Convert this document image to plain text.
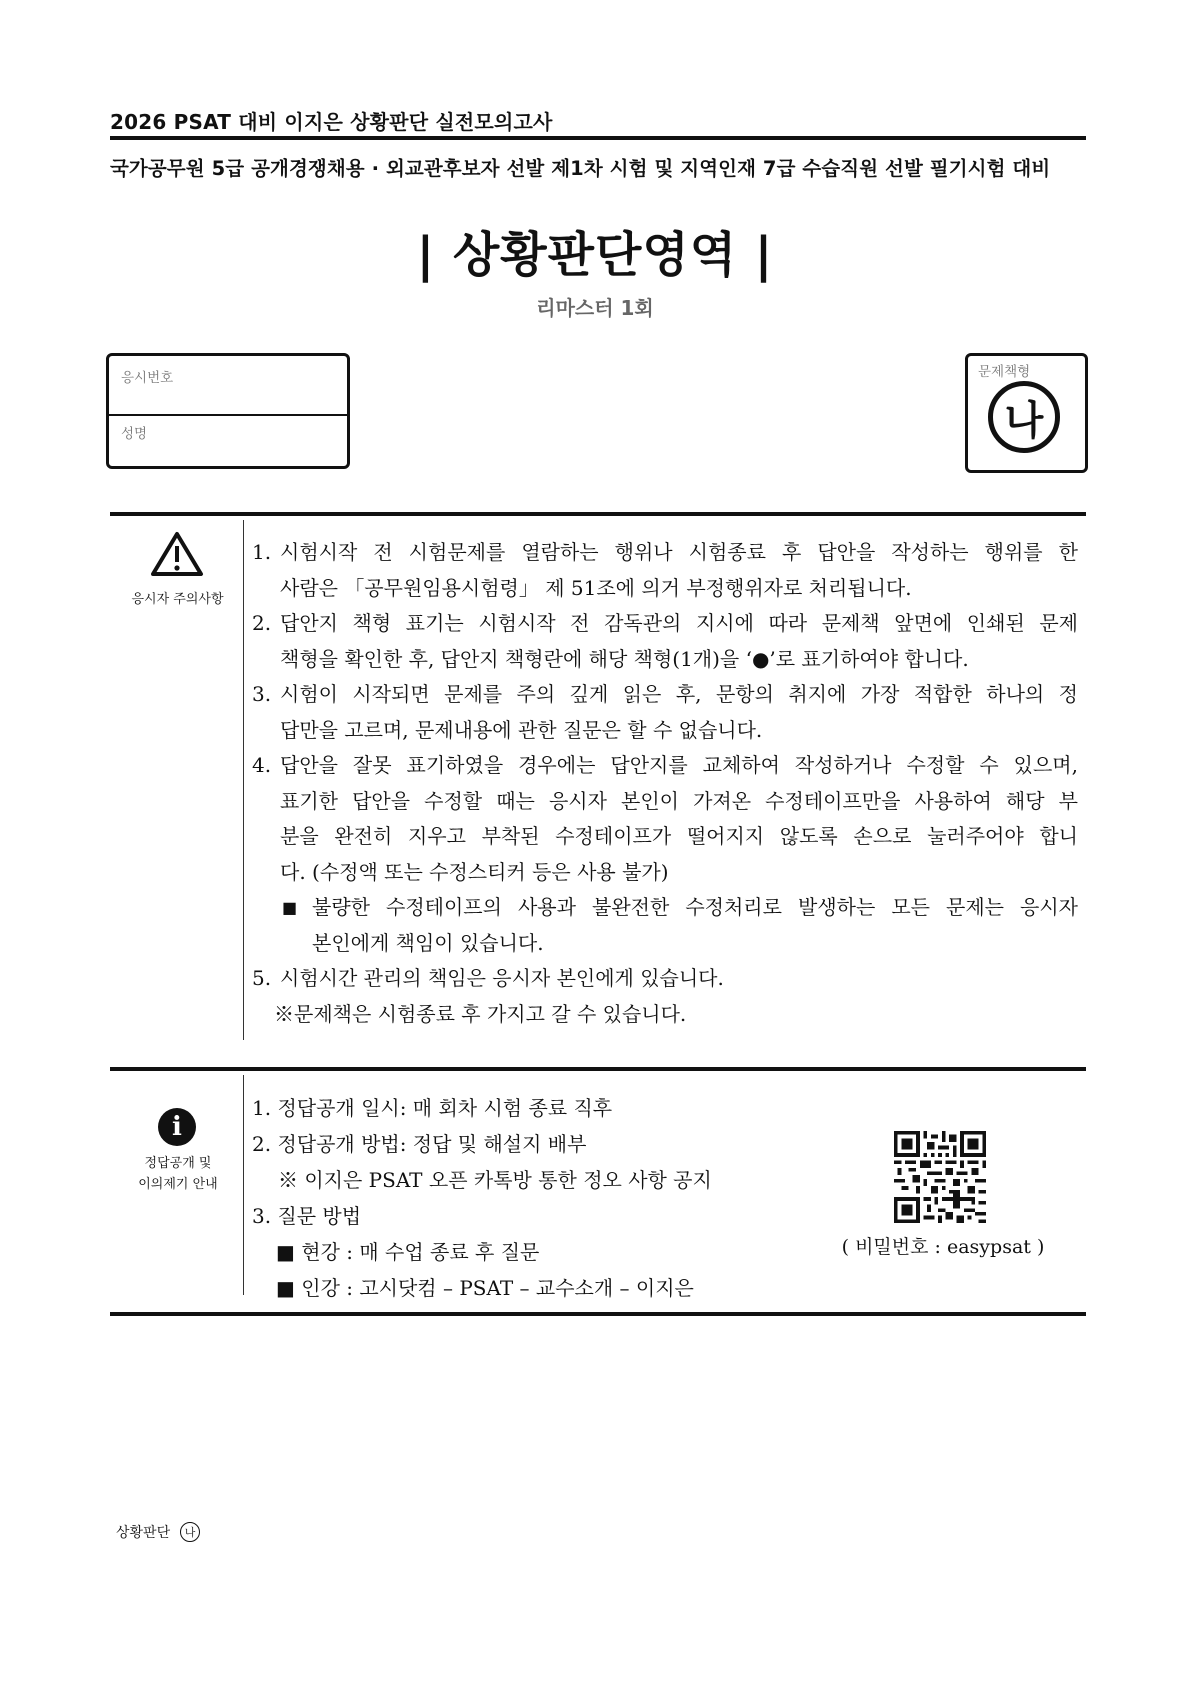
2026 PSAT 대비 이지은 상황판단 실전모의고사
국가공무원 5급 공개경쟁채용 · 외교관후보자 선발 제1차 시험 및 지역인재 7급 수습직원 선발 필기시험 대비
| 상황판단영역 |
리마스터 1회
응시번호
성명
문제책형
나
응시자 주의사항
1. 시험시작 전 시험문제를 열람하는 행위나 시험종료 후 답안을 작성하는 행위를 한
사람은 「공무원임용시험령」 제 51조에 의거 부정행위자로 처리됩니다.
2. 답안지 책형 표기는 시험시작 전 감독관의 지시에 따라 문제책 앞면에 인쇄된 문제
책형을 확인한 후, 답안지 책형란에 해당 책형(1개)을 ‘●’로 표기하여야 합니다.
3. 시험이 시작되면 문제를 주의 깊게 읽은 후, 문항의 취지에 가장 적합한 하나의 정
답만을 고르며, 문제내용에 관한 질문은 할 수 없습니다.
4. 답안을 잘못 표기하였을 경우에는 답안지를 교체하여 작성하거나 수정할 수 있으며,
표기한 답안을 수정할 때는 응시자 본인이 가져온 수정테이프만을 사용하여 해당 부
분을 완전히 지우고 부착된 수정테이프가 떨어지지 않도록 손으로 눌러주어야 합니
다. (수정액 또는 수정스티커 등은 사용 불가)
■ 불량한 수정테이프의 사용과 불완전한 수정처리로 발생하는 모든 문제는 응시자
본인에게 책임이 있습니다.
5. 시험시간 관리의 책임은 응시자 본인에게 있습니다.
※문제책은 시험종료 후 가지고 갈 수 있습니다.
i
정답공개 및
이의제기 안내
1. 정답공개 일시: 매 회차 시험 종료 직후
2. 정답공개 방법: 정답 및 해설지 배부
※ 이지은 PSAT 오픈 카톡방 통한 정오 사항 공지
3. 질문 방법
■ 현강 : 매 수업 종료 후 질문
■ 인강 : 고시닷컴 – PSAT – 교수소개 – 이지은
( 비밀번호 : easypsat )
상황판단	나
